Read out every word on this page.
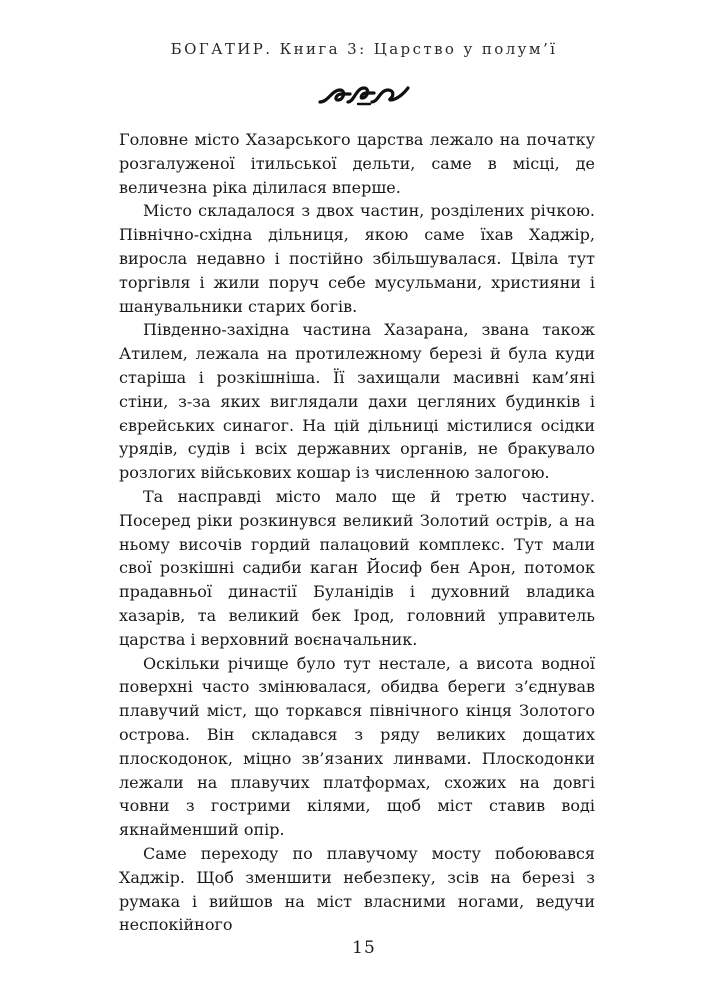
БОГАТИР. Книга 3: Царство у полум’ї

Головне місто Хазарського царства лежало на початку розгалуженої ітильської дельти, саме в місці, де величезна ріка ділилася вперше.

Місто складалося з двох частин, розділених річкою. Північно-східна дільниця, якою саме їхав Хаджір, виросла недавно і постійно збільшувалася. Цвіла тут торгівля і жили поруч себе мусульмани, християни і шанувальники старих богів.

Південно-західна частина Хазарана, звана також Атилем, лежала на протилежному березі й була куди старіша і розкішніша. Її захищали масивні кам’яні стіни, з-за яких виглядали дахи цегляних будинків і єврейських синагог. На цій дільниці містилися осідки урядів, судів і всіх державних органів, не бракувало розлогих військових кошар із численною залогою.

Та насправді місто мало ще й третю частину. Посеред ріки розкинувся великий Золотий острів, а на ньому височів гордий палацовий комплекс. Тут мали свої розкішні садиби каган Йосиф бен Арон, потомок прадавньої династії Буланідів і духовний владика хазарів, та великий бек Ірод, головний управитель царства і верховний воєначальник.

Оскільки річище було тут нестале, а висота водної поверхні часто змінювалася, обидва береги з’єднував плавучий міст, що торкався північного кінця Золотого острова. Він складався з ряду великих дощатих плоскодонок, міцно зв’язаних линвами. Плоскодонки лежали на плавучих платформах, схожих на довгі човни з гострими кілями, щоб міст ставив воді якнайменший опір.

Саме переходу по плавучому мосту побоювався Хаджір. Щоб зменшити небезпеку, зсів на березі з румака і вийшов на міст власними ногами, ведучи неспокійного

15
